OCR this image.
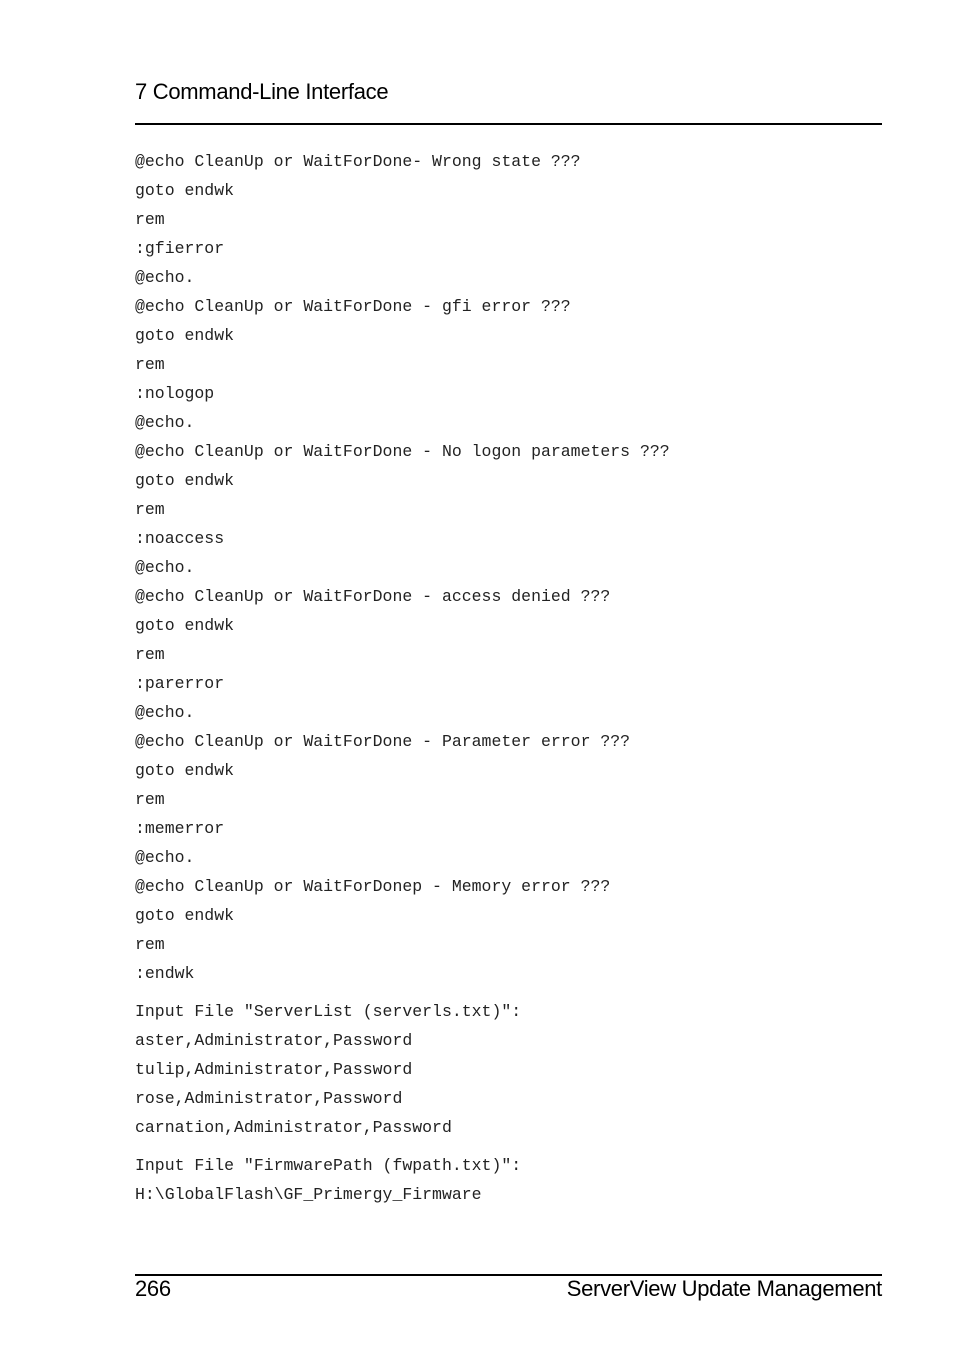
7 Command-Line Interface
@echo CleanUp or WaitForDone- Wrong state ???
goto endwk
rem
:gfierror
@echo.
@echo CleanUp or WaitForDone - gfi error ???
goto endwk
rem
:nologop
@echo.
@echo CleanUp or WaitForDone - No logon parameters ???
goto endwk
rem
:noaccess
@echo.
@echo CleanUp or WaitForDone - access denied ???
goto endwk
rem
:parerror
@echo.
@echo CleanUp or WaitForDone - Parameter error ???
goto endwk
rem
:memerror
@echo.
@echo CleanUp or WaitForDonep - Memory error ???
goto endwk
rem
:endwk
Input File "ServerList (serverls.txt)":
aster,Administrator,Password
tulip,Administrator,Password
rose,Administrator,Password
carnation,Administrator,Password
Input File "FirmwarePath (fwpath.txt)":
H:\GlobalFlash\GF_Primergy_Firmware
266	ServerView Update Management
